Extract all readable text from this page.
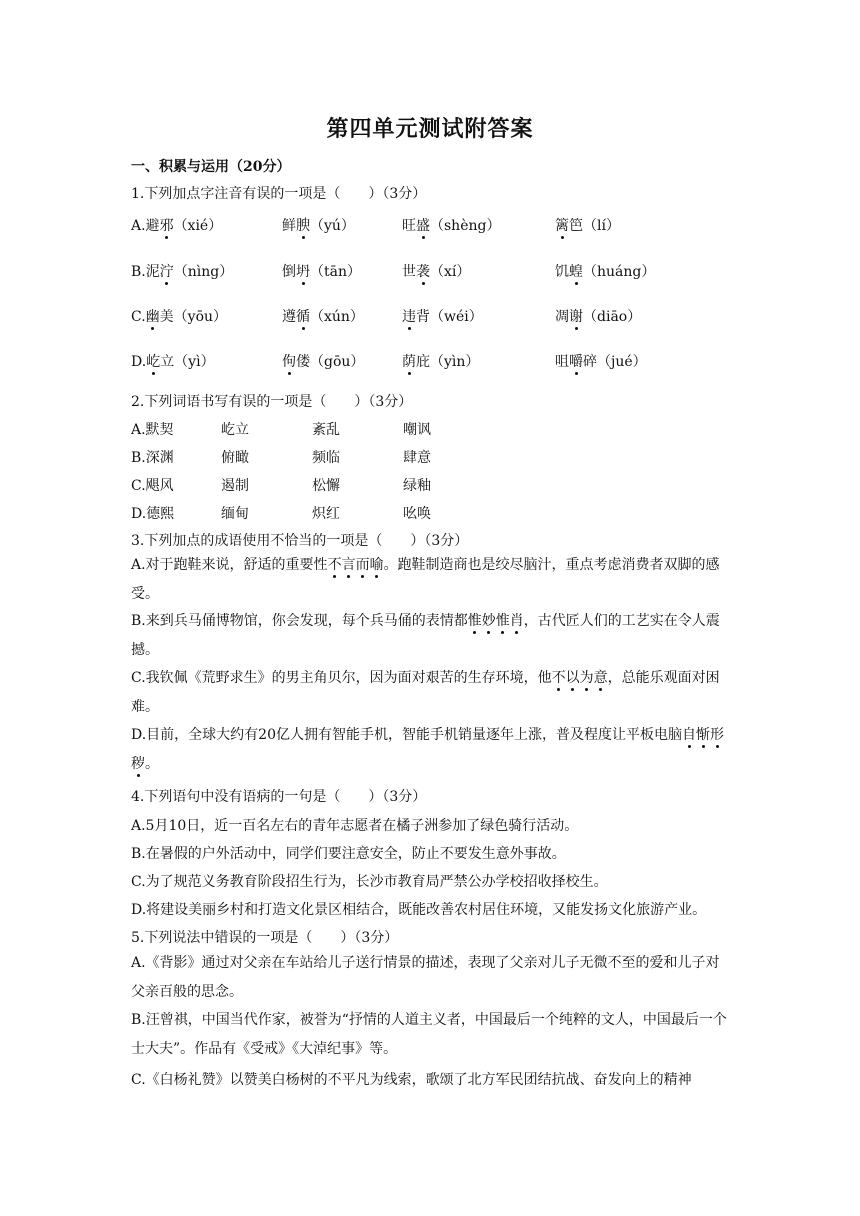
第四单元测试附答案
一、积累与运用（20分）
1.下列加点字注音有误的一项是（　　）（3分）
A.避邪（xié）	鲜腴（yú）	旺盛（shèng）	篱笆（lí）
B.泥泞（nìng）	倒坍（tān）	世袭（xí）	饥蝗（huáng）
C.幽美（yōu）	遵循（xún）	违背（wéi）	凋谢（diāo）
D.屹立（yì）	佝偻（gōu）	荫庇（yìn）	咀嚼碎（jué）
2.下列词语书写有误的一项是（　　）（3分）
A.默契	屹立	紊乱	嘲讽
B.深渊	俯瞰	频临	肆意
C.飓风	遏制	松懈	绿釉
D.德熙	缅甸	炽红	吆唤
3.下列加点的成语使用不恰当的一项是（　　）（3分）
A.对于跑鞋来说，舒适的重要性不言而喻。跑鞋制造商也是绞尽脑汁，重点考虑消费者双脚的感受。
B.来到兵马俑博物馆，你会发现，每个兵马俑的表情都惟妙惟肖，古代匠人们的工艺实在令人震撼。
C.我钦佩《荒野求生》的男主角贝尔，因为面对艰苦的生存环境，他不以为意，总能乐观面对困难。
D.目前，全球大约有20亿人拥有智能手机，智能手机销量逐年上涨，普及程度让平板电脑自惭形秽。
4.下列语句中没有语病的一句是（　　）（3分）
A.5月10日，近一百名左右的青年志愿者在橘子洲参加了绿色骑行活动。
B.在暑假的户外活动中，同学们要注意安全，防止不要发生意外事故。
C.为了规范义务教育阶段招生行为，长沙市教育局严禁公办学校招收择校生。
D.将建设美丽乡村和打造文化景区相结合，既能改善农村居住环境，又能发扬文化旅游产业。
5.下列说法中错误的一项是（　　）（3分）
A.《背影》通过对父亲在车站给儿子送行情景的描述，表现了父亲对儿子无微不至的爱和儿子对父亲百般的思念。
B.汪曾祺，中国当代作家，被誉为“抒情的人道主义者，中国最后一个纯粹的文人，中国最后一个士大夫”。作品有《受戒》《大淖纪事》等。
C.《白杨礼赞》以赞美白杨树的不平凡为线索，歌颂了北方军民团结抗战、奋发向上的精神
